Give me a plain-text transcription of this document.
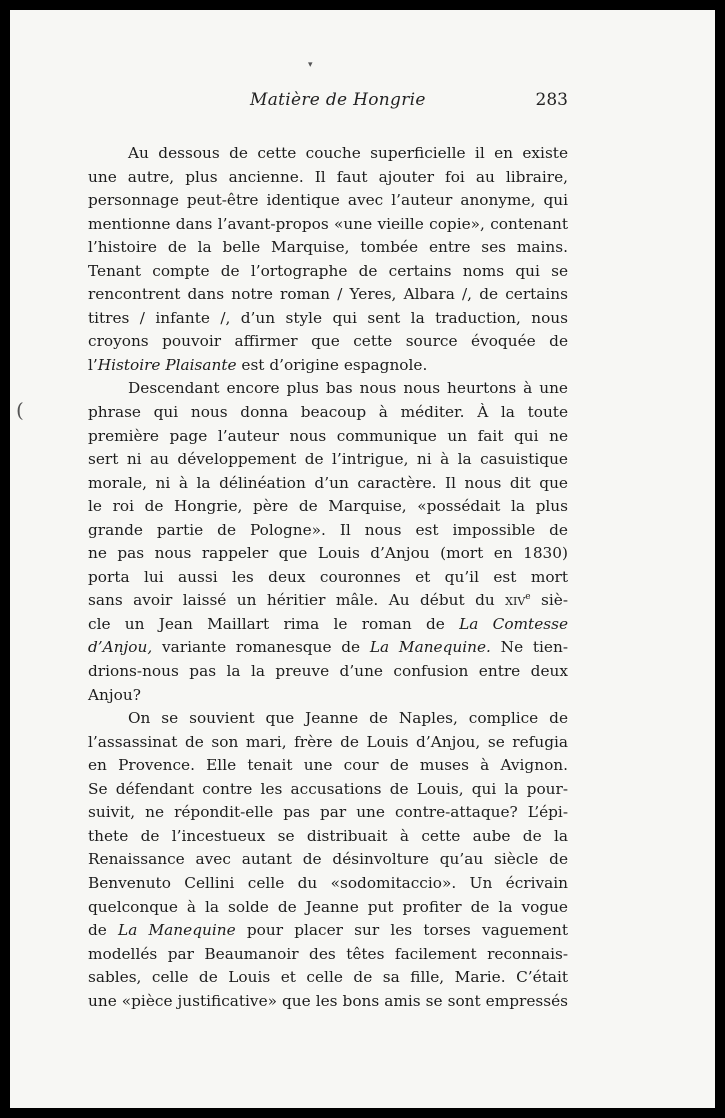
Matière de Hongrie	283
▾
(
Au dessous de cette couche superficielle il en existe
une autre, plus ancienne. Il faut ajouter foi au libraire,
personnage peut-être identique avec l’auteur anonyme, qui
mentionne dans l’avant-propos «une vieille copie», contenant
l’histoire de la belle Marquise, tombée entre ses mains.
Tenant compte de l’ortographe de certains noms qui se
rencontrent dans notre roman / Yeres, Albara /, de certains
titres / infante /, d’un style qui sent la traduction, nous
croyons pouvoir affirmer que cette source évoquée de
l’Histoire Plaisante est d’origine espagnole.
Descendant encore plus bas nous nous heurtons à une
phrase qui nous donna beacoup à méditer. À la toute
première page l’auteur nous communique un fait qui ne
sert ni au développement de l’intrigue, ni à la casuistique
morale, ni à la délinéation d’un caractère. Il nous dit que
le roi de Hongrie, père de Marquise, «possédait la plus
grande partie de Pologne». Il nous est impossible de
ne pas nous rappeler que Louis d’Anjou (mort en 1830)
porta lui aussi les deux couronnes et qu’il est mort
sans avoir laissé un héritier mâle. Au début du xiv$^e$ siè-
cle un Jean Maillart rima le roman de La Comtesse
d’Anjou, variante romanesque de La Manequine. Ne tien-
drions-nous pas la la preuve d’une confusion entre deux
Anjou?
On se souvient que Jeanne de Naples, complice de
l’assassinat de son mari, frère de Louis d’Anjou, se refugia
en Provence. Elle tenait une cour de muses à Avignon.
Se défendant contre les accusations de Louis, qui la pour-
suivit, ne répondit-elle pas par une contre-attaque? L’épi-
thete de l’incestueux se distribuait à cette aube de la
Renaissance avec autant de désinvolture qu’au siècle de
Benvenuto Cellini celle du «sodomitaccio». Un écrivain
quelconque à la solde de Jeanne put profiter de la vogue
de La Manequine pour placer sur les torses vaguement
modellés par Beaumanoir des têtes facilement reconnais-
sables, celle de Louis et celle de sa fille, Marie. C’était
une «pièce justificative» que les bons amis se sont empressés
